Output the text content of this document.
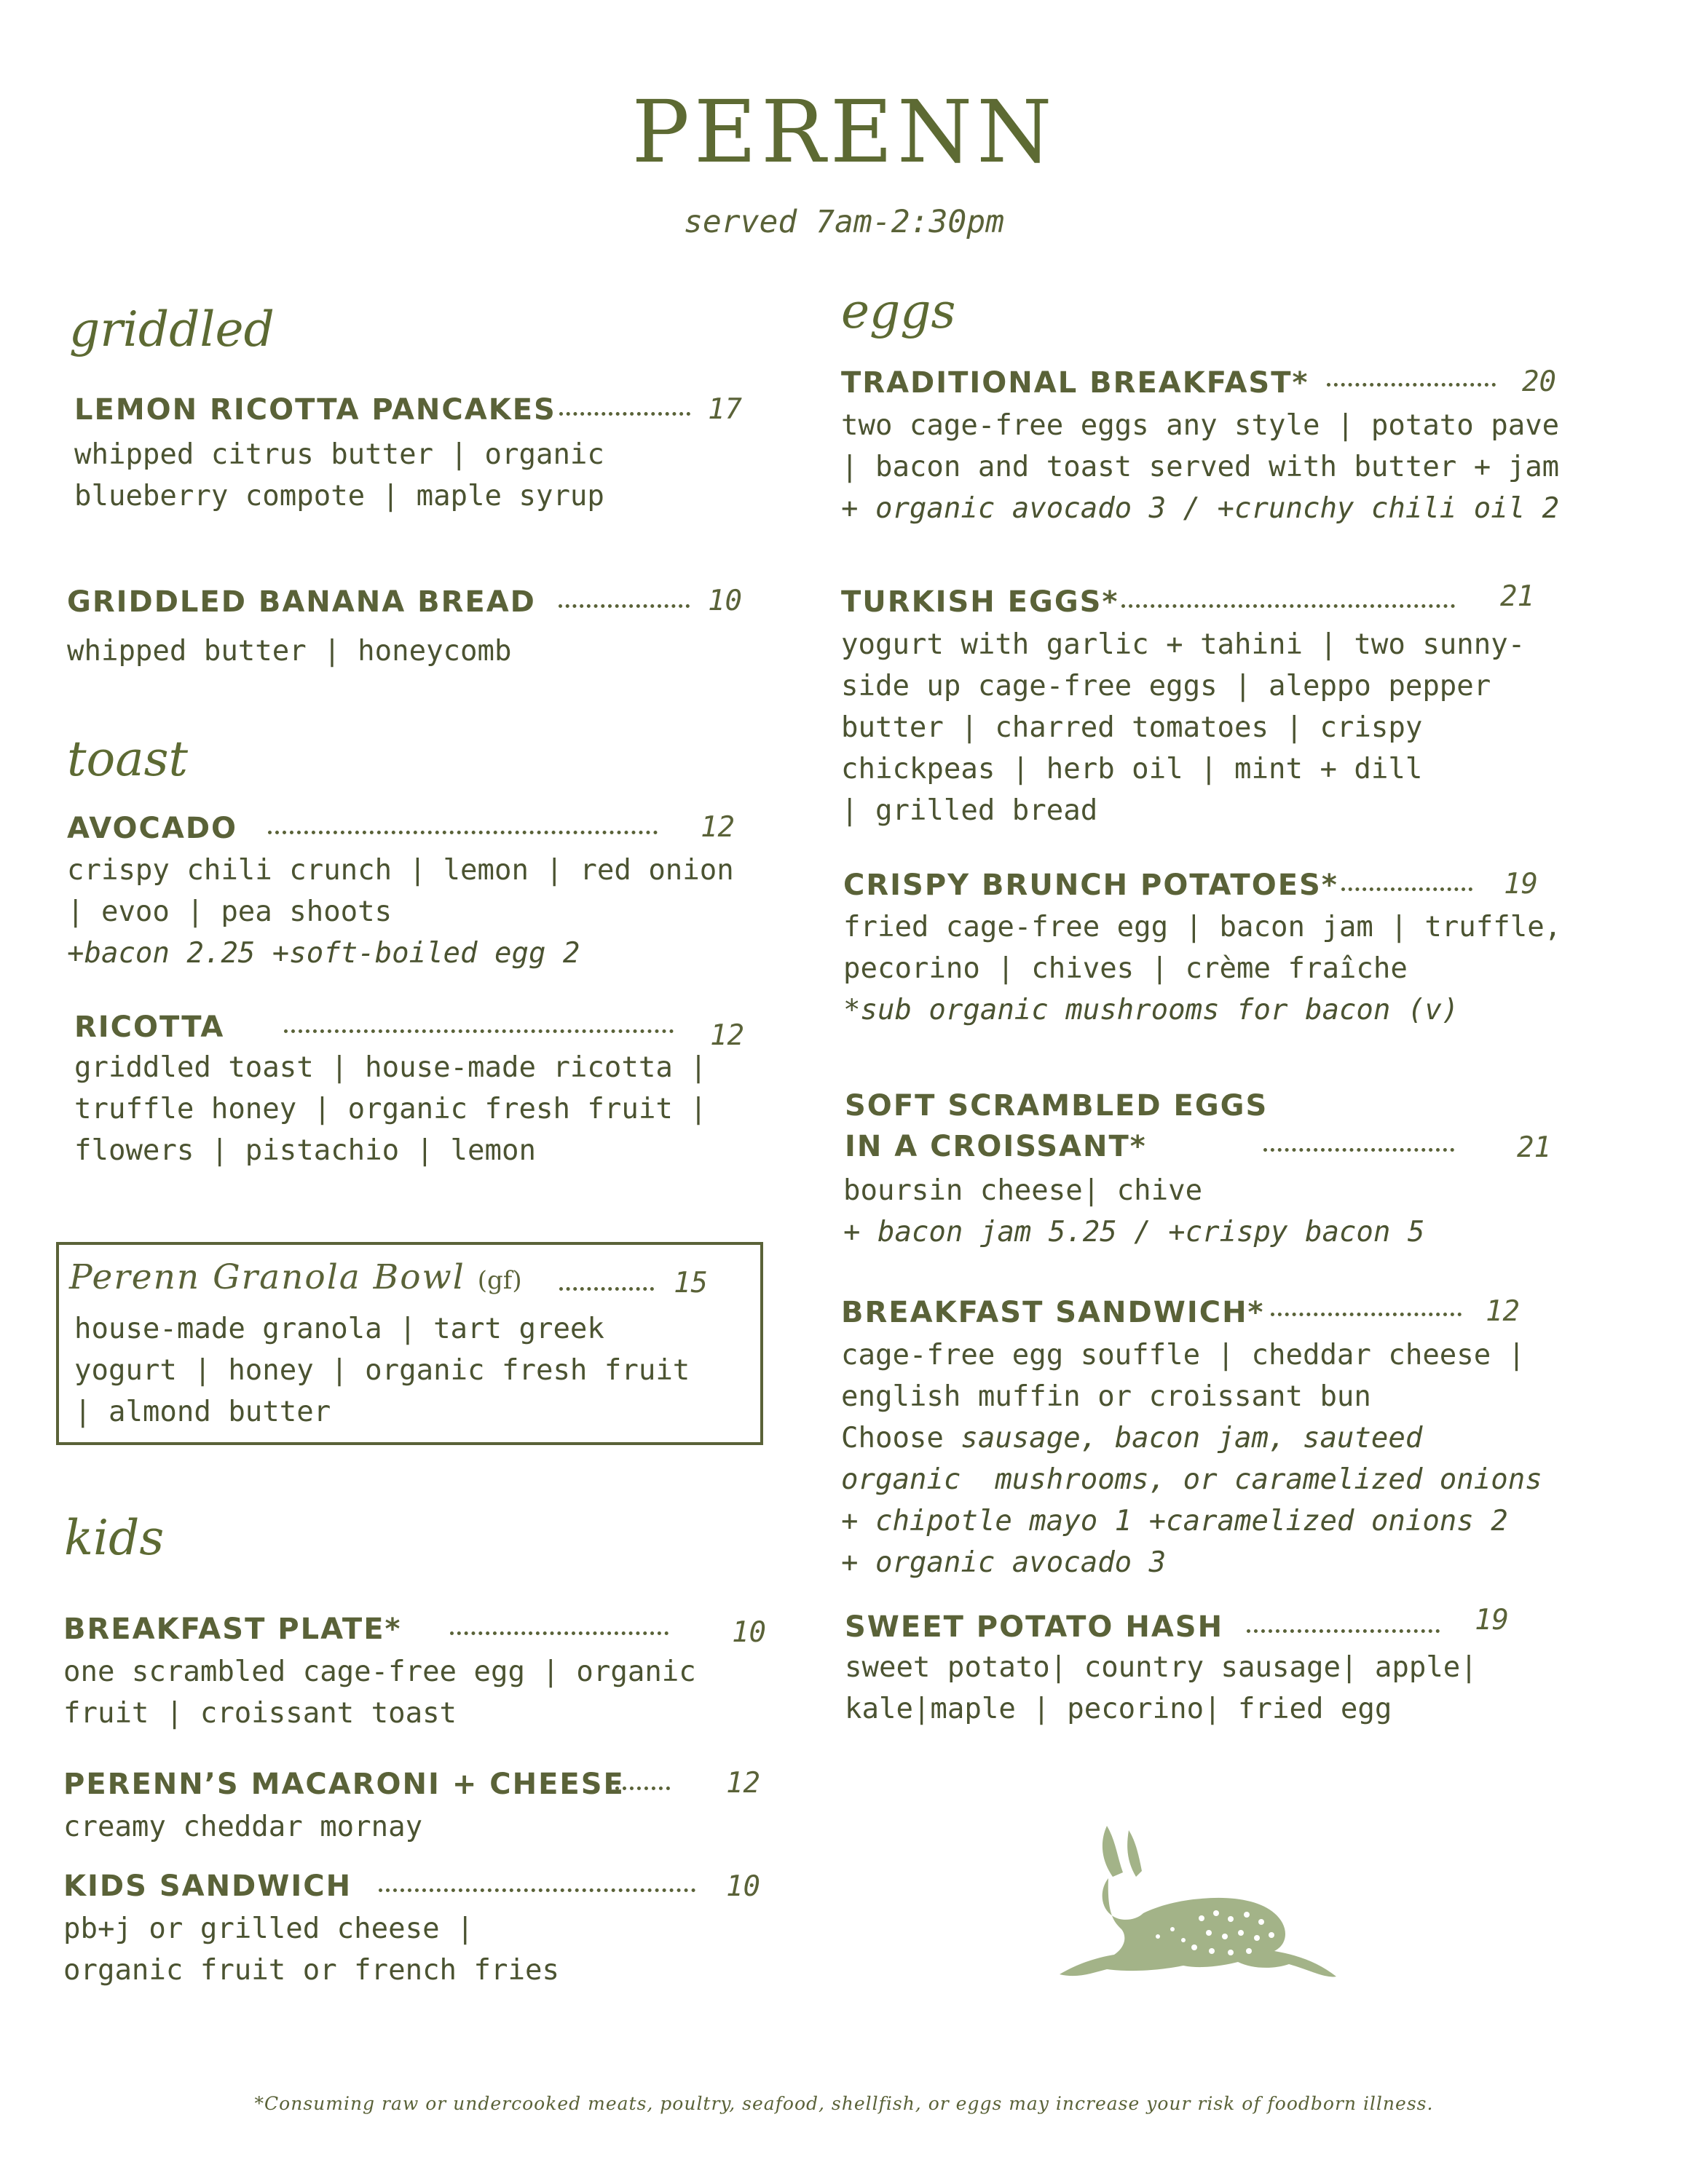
PERENN
served 7am-2:30pm
griddled
LEMON RICOTTA PANCAKES	17
whipped citrus butter | organic
blueberry compote | maple syrup
GRIDDLED BANANA BREAD	10
whipped butter | honeycomb
toast
AVOCADO	12
crispy chili crunch | lemon | red onion
| evoo | pea shoots
+bacon 2.25 +soft-boiled egg 2
RICOTTA	12
griddled toast | house-made ricotta |
truffle honey | organic fresh fruit |
flowers | pistachio | lemon
Perenn Granola Bowl (gf)	15
house-made granola | tart greek
yogurt | honey | organic fresh fruit
| almond butter
kids
BREAKFAST PLATE*	10
one scrambled cage-free egg | organic
fruit | croissant toast
PERENN’S MACARONI + CHEESE	12
creamy cheddar mornay
KIDS SANDWICH	10
pb+j or grilled cheese |
organic fruit or french fries
eggs
TRADITIONAL BREAKFAST*	20
two cage-free eggs any style | potato pave
| bacon and toast served with butter + jam
+ organic avocado 3 / +crunchy chili oil 2
TURKISH EGGS*	21
yogurt with garlic + tahini | two sunny-
side up cage-free eggs | aleppo pepper
butter | charred tomatoes | crispy
chickpeas | herb oil | mint + dill
| grilled bread
CRISPY BRUNCH POTATOES*	19
fried cage-free egg | bacon jam | truffle,
pecorino | chives | crème fraîche
*sub organic mushrooms for bacon (v)
SOFT SCRAMBLED EGGS
IN A CROISSANT*	21
boursin cheese| chive
+ bacon jam 5.25 / +crispy bacon 5
BREAKFAST SANDWICH*	12
cage-free egg souffle | cheddar cheese |
english muffin or croissant bun
Choose sausage, bacon jam, sauteed
organic  mushrooms, or caramelized onions
+ chipotle mayo 1 +caramelized onions 2
+ organic avocado 3
SWEET POTATO HASH	19
sweet potato| country sausage| apple|
kale|maple | pecorino| fried egg
*Consuming raw or undercooked meats, poultry, seafood, shellfish, or eggs may increase your risk of foodborn illness.
